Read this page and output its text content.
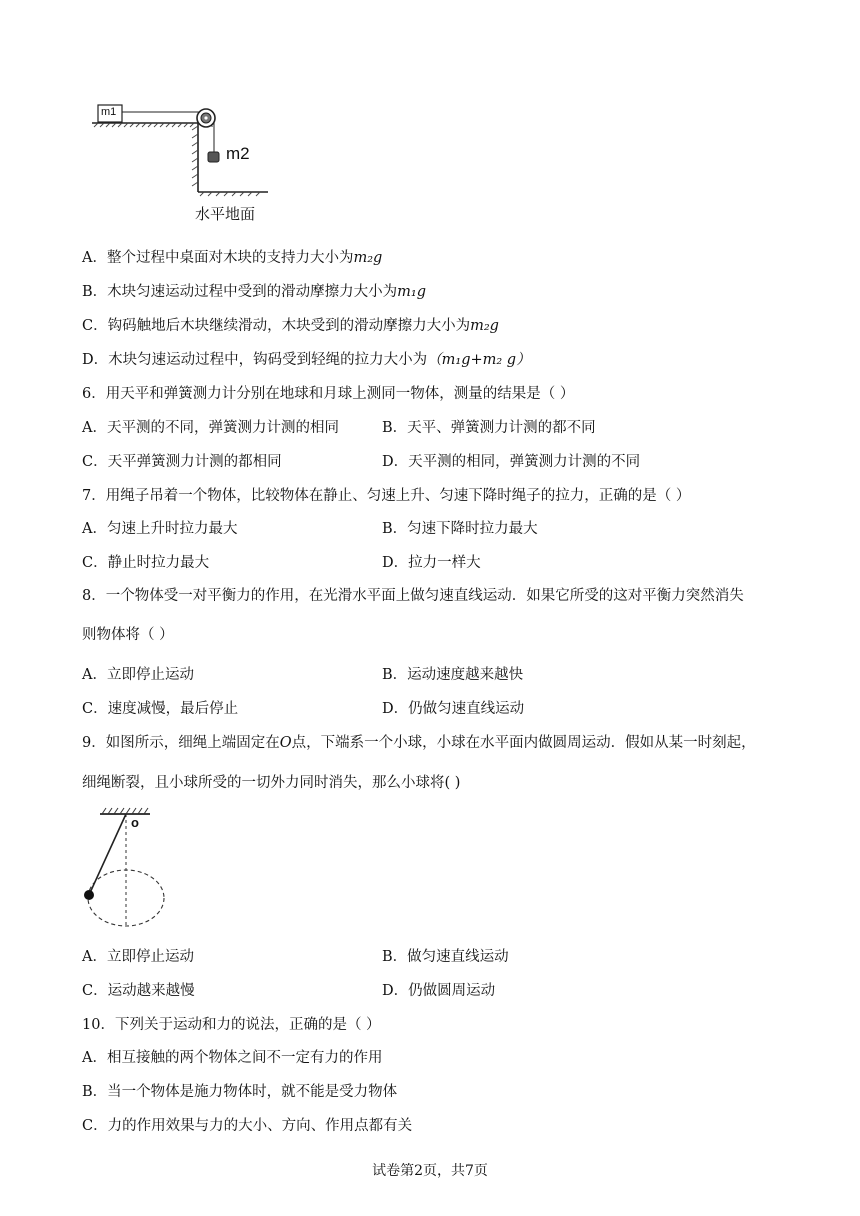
m1
m2
水平地面
A．整个过程中桌面对木块的支持力大小为m₂g
B．木块匀速运动过程中受到的滑动摩擦力大小为m₁g
C．钩码触地后木块继续滑动，木块受到的滑动摩擦力大小为m₂g
D．木块匀速运动过程中，钩码受到轻绳的拉力大小为（m₁g+m₂ g）
6．用天平和弹簧测力计分别在地球和月球上测同一物体，测量的结果是（ ）
A．天平测的不同，弹簧测力计测的相同	B．天平、弹簧测力计测的都不同
C．天平弹簧测力计测的都相同	D．天平测的相同，弹簧测力计测的不同
7．用绳子吊着一个物体，比较物体在静止、匀速上升、匀速下降时绳子的拉力，正确的是（ ）
A．匀速上升时拉力最大	B．匀速下降时拉力最大
C．静止时拉力最大	D．拉力一样大
8．一个物体受一对平衡力的作用，在光滑水平面上做匀速直线运动．如果它所受的这对平衡力突然消失
则物体将（ ）
A．立即停止运动	B．运动速度越来越快
C．速度减慢，最后停止	D．仍做匀速直线运动
9．如图所示，细绳上端固定在O点，下端系一个小球，小球在水平面内做圆周运动．假如从某一时刻起，
细绳断裂，且小球所受的一切外力同时消失，那么小球将( )
o
A．立即停止运动	B．做匀速直线运动
C．运动越来越慢	D．仍做圆周运动
10．下列关于运动和力的说法，正确的是（ ）
A．相互接触的两个物体之间不一定有力的作用
B．当一个物体是施力物体时，就不能是受力物体
C．力的作用效果与力的大小、方向、作用点都有关
试卷第2页，共7页
